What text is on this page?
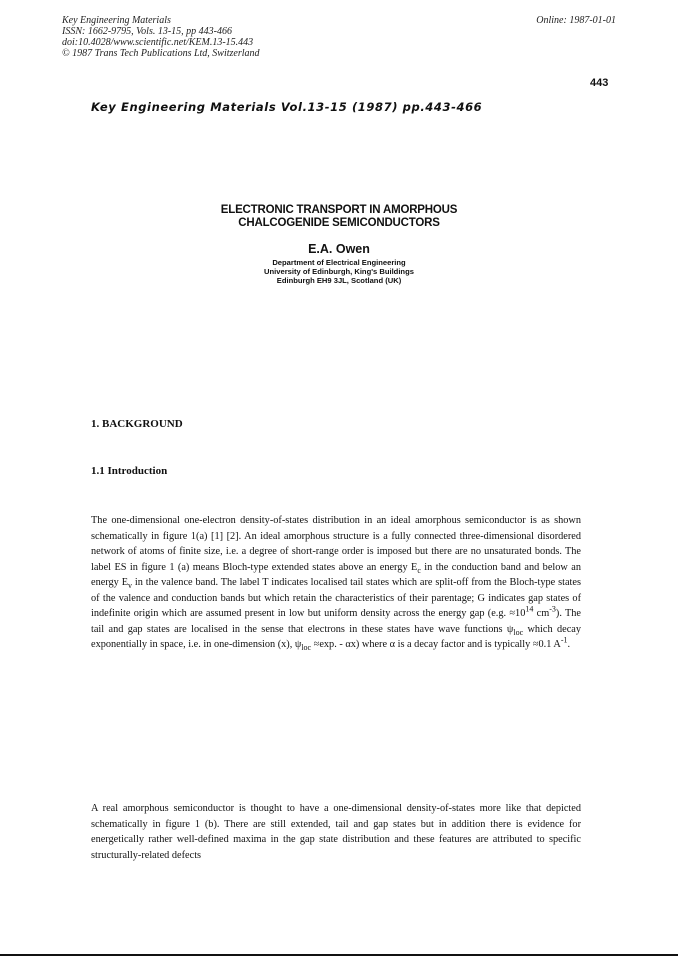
Key Engineering Materials
ISSN: 1662-9795, Vols. 13-15, pp 443-466
doi:10.4028/www.scientific.net/KEM.13-15.443
© 1987 Trans Tech Publications Ltd, Switzerland
Online: 1987-01-01
443
Key Engineering Materials Vol.13-15 (1987) pp.443-466
ELECTRONIC TRANSPORT IN AMORPHOUS
CHALCOGENIDE SEMICONDUCTORS
E.A. Owen
Department of Electrical Engineering
University of Edinburgh, King's Buildings
Edinburgh EH9 3JL, Scotland (UK)
1. BACKGROUND
1.1 Introduction
The one-dimensional one-electron density-of-states distribution in an ideal amorphous semiconductor is as shown schematically in figure 1(a) [1] [2]. An ideal amorphous structure is a fully connected three-dimensional disordered network of atoms of finite size, i.e. a degree of short-range order is imposed but there are no unsaturated bonds. The label ES in figure 1 (a) means Bloch-type extended states above an energy $E_c$ in the conduction band and below an energy $E_v$ in the valence band. The label T indicates localised tail states which are split-off from the Bloch-type states of the valence and conduction bands but which retain the characteristics of their parentage; G indicates gap states of indefinite origin which are assumed present in low but uniform density across the energy gap (e.g. $\approx 10^{14}$ $cm^{-3}$). The tail and gap states are localised in the sense that electrons in these states have wave functions $\psi_{loc}$ which decay exponentially in space, i.e. in one-dimension (x), $\psi_{loc} \approx\exp$. - αx) where α is a decay factor and is typically ≈0.1 $A^{-1}$.
A real amorphous semiconductor is thought to have a one-dimensional density-of-states more like that depicted schematically in figure 1 (b). There are still extended, tail and gap states but in addition there is evidence for energetically rather well-defined maxima in the gap state distribution and these features are attributed to specific structurally-related defects
